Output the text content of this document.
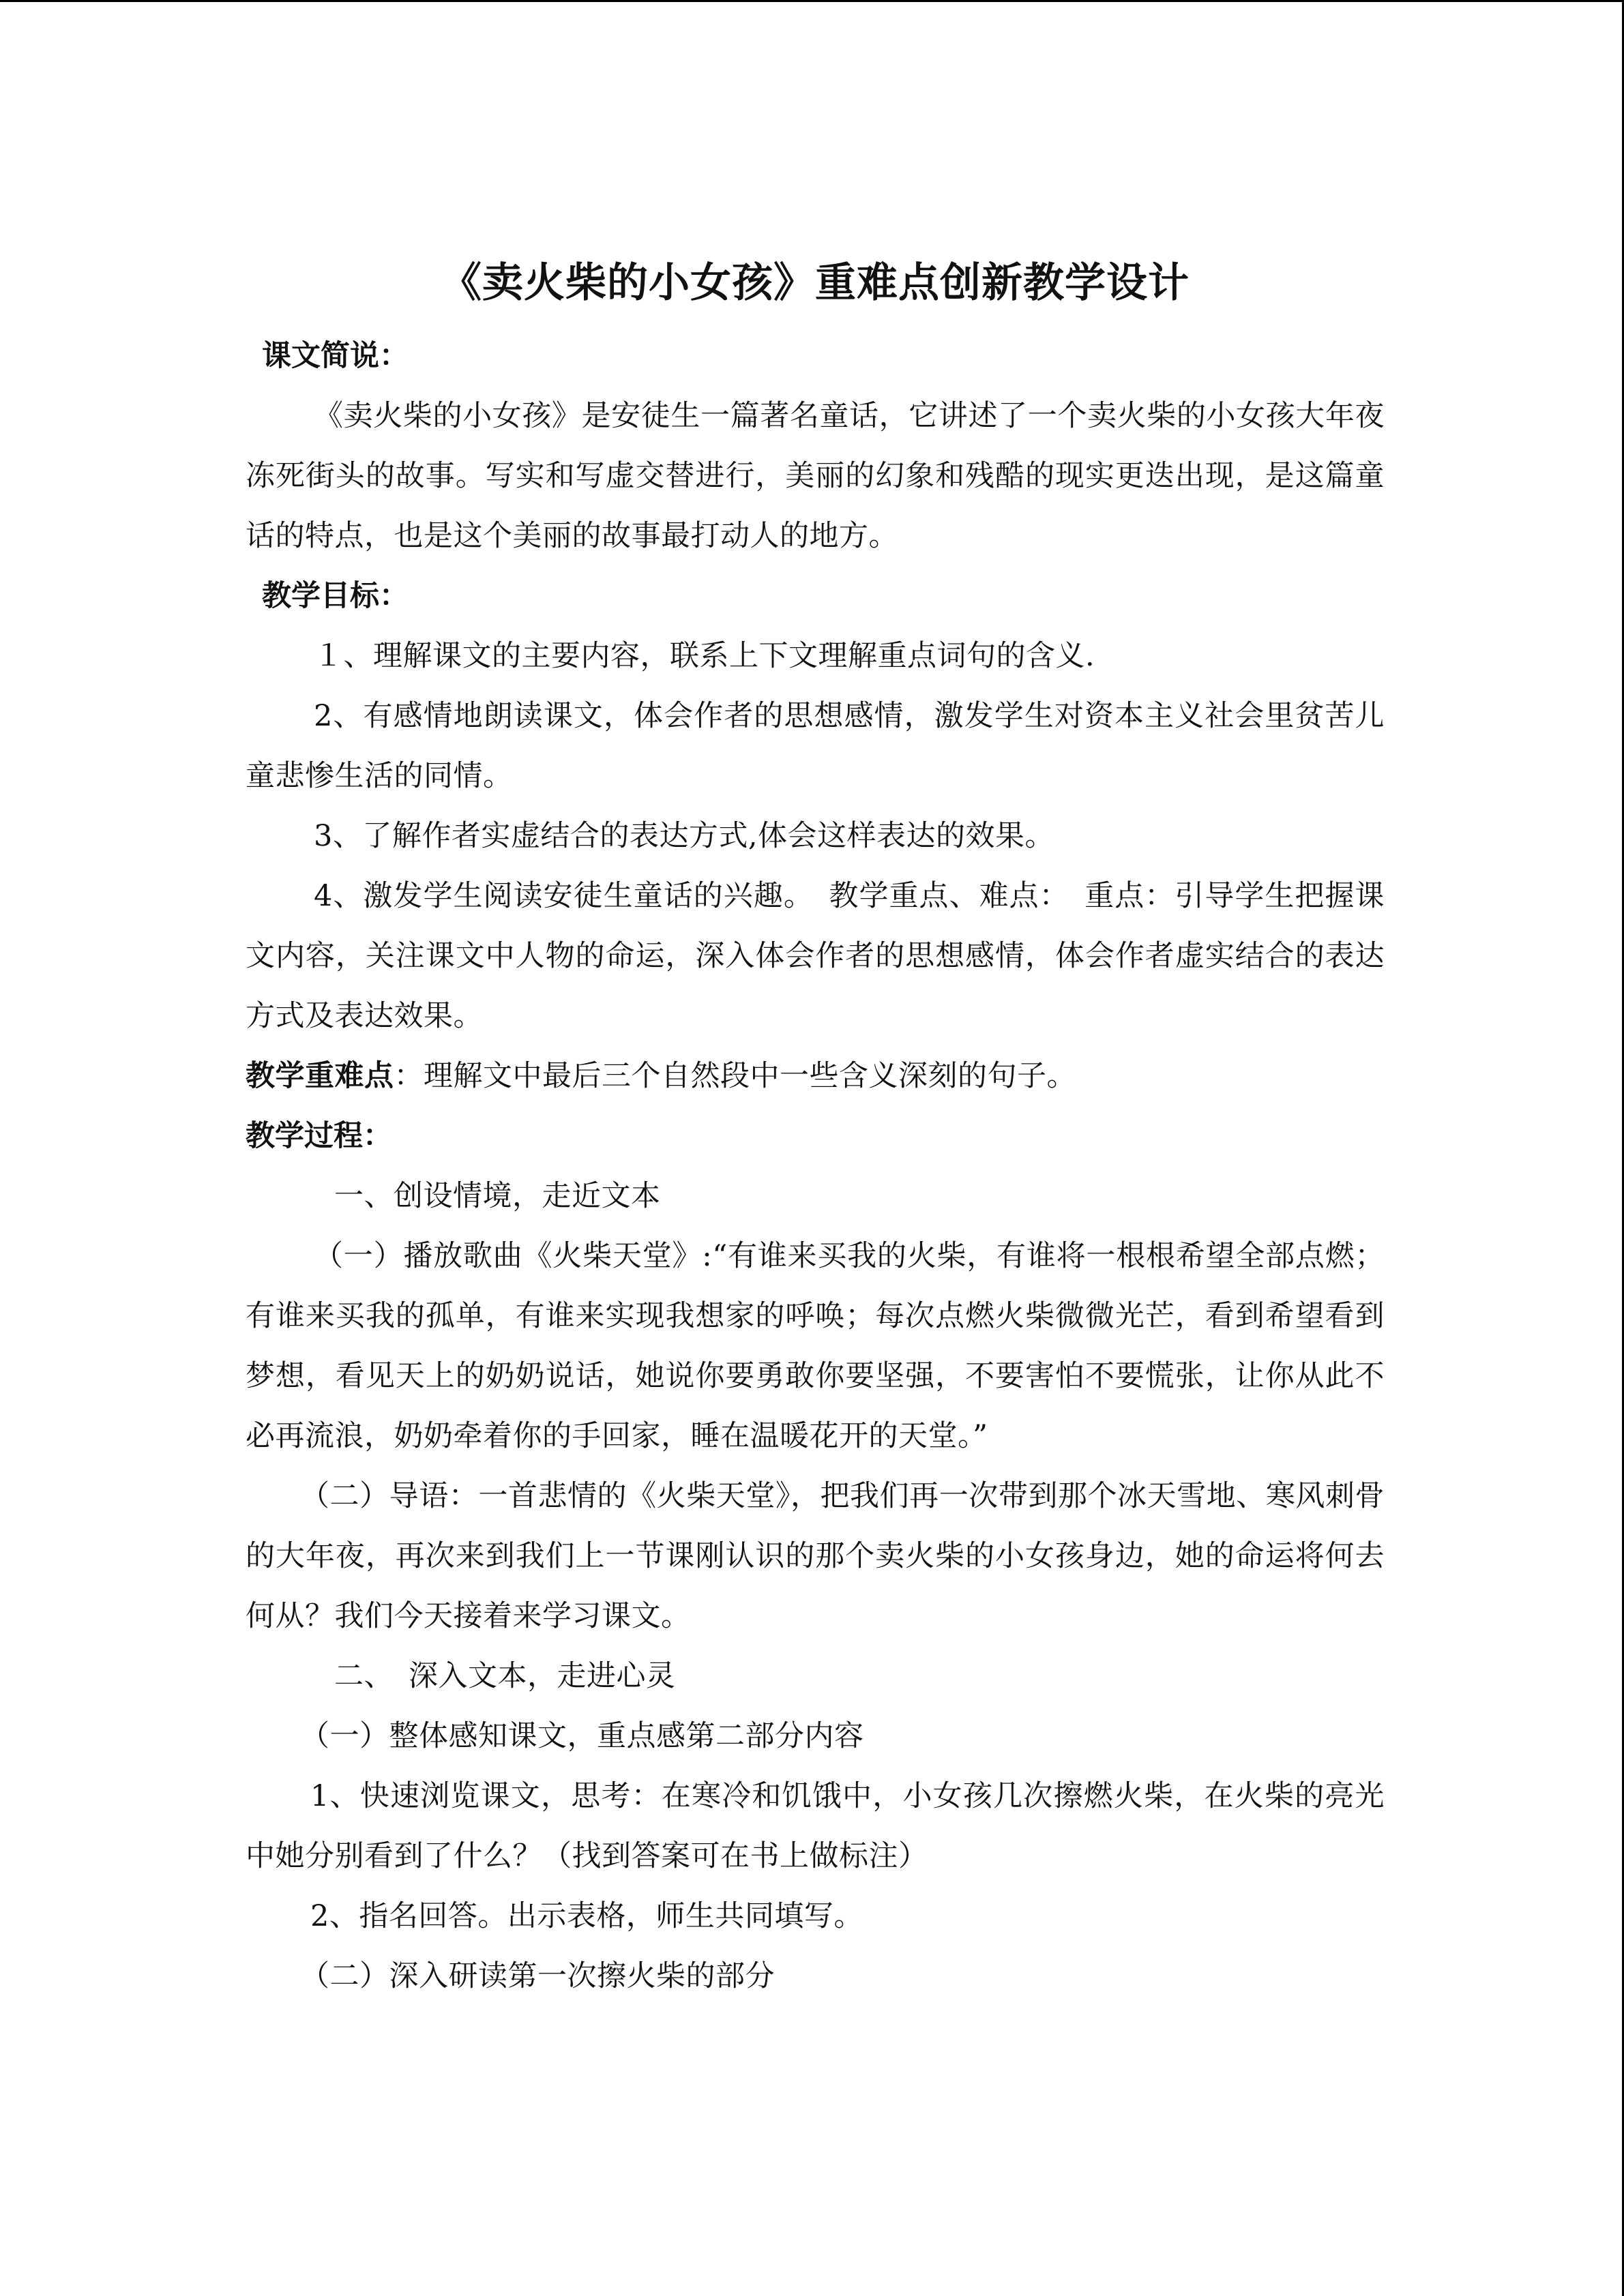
《卖火柴的小女孩》重难点创新教学设计
课文简说：

《卖火柴的小女孩》是安徒生一篇著名童话，它讲述了一个卖火柴的小女孩大年夜冻死街头的故事。写实和写虚交替进行，美丽的幻象和残酷的现实更迭出现，是这篇童话的特点，也是这个美丽的故事最打动人的地方。

教学目标：

１、理解课文的主要内容，联系上下文理解重点词句的含义.

2、有感情地朗读课文，体会作者的思想感情，激发学生对资本主义社会里贫苦儿童悲惨生活的同情。

3、了解作者实虚结合的表达方式,体会这样表达的效果。

4、激发学生阅读安徒生童话的兴趣。　教学重点、难点：　重点：引导学生把握课文内容，关注课文中人物的命运，深入体会作者的思想感情，体会作者虚实结合的表达方式及表达效果。

教学重难点：理解文中最后三个自然段中一些含义深刻的句子。

教学过程：

一、创设情境，走近文本

（一）播放歌曲《火柴天堂》:“有谁来买我的火柴，有谁将一根根希望全部点燃；有谁来买我的孤单，有谁来实现我想家的呼唤；每次点燃火柴微微光芒，看到希望看到梦想，看见天上的奶奶说话，她说你要勇敢你要坚强，不要害怕不要慌张，让你从此不必再流浪，奶奶牵着你的手回家，睡在温暖花开的天堂。”

（二）导语：一首悲情的《火柴天堂》，把我们再一次带到那个冰天雪地、寒风刺骨的大年夜，再次来到我们上一节课刚认识的那个卖火柴的小女孩身边，她的命运将何去何从？我们今天接着来学习课文。

二、　深入文本，走进心灵

（一）整体感知课文，重点感第二部分内容

1、快速浏览课文，思考：在寒冷和饥饿中，小女孩几次擦燃火柴，在火柴的亮光中她分别看到了什么？（找到答案可在书上做标注）

2、指名回答。出示表格，师生共同填写。

（二）深入研读第一次擦火柴的部分
